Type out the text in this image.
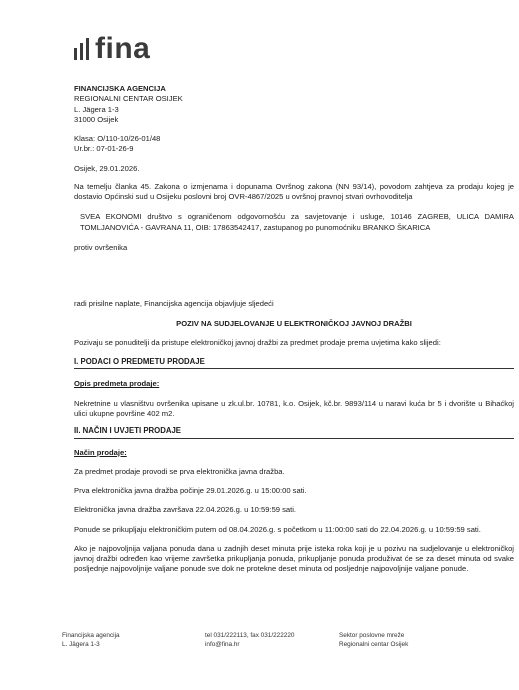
fina
FINANCIJSKA AGENCIJA
REGIONALNI CENTAR OSIJEK
L. Jägera 1-3
31000 Osijek
Klasa: O/110-10/26-01/48
Ur.br.: 07-01-26-9
Osijek, 29.01.2026.

Na temelju članka 45. Zakona o izmjenama i dopunama Ovršnog zakona (NN 93/14), povodom zahtjeva za prodaju kojeg je dostavio Općinski sud u Osijeku poslovni broj OVR-4867/2025 u ovršnoj pravnoj stvari ovrhovoditelja

SVEA EKONOMI društvo s ograničenom odgovornošću za savjetovanje i usluge, 10146 ZAGREB, ULICA DAMIRA TOMLJANOVIĆA - GAVRANA 11, OIB: 17863542417, zastupanog po punomoćniku BRANKO ŠKARICA

protiv ovršenika

radi prisilne naplate, Financijska agencija objavljuje sljedeći

POZIV NA SUDJELOVANJE U ELEKTRONIČKOJ JAVNOJ DRAŽBI

Pozivaju se ponuditelji da pristupe elektroničkoj javnoj dražbi za predmet prodaje prema uvjetima kako slijedi:

I. PODACI O PREDMETU PRODAJE

Opis predmeta prodaje:

Nekretnine u vlasništvu ovršenika upisane u zk.ul.br. 10781, k.o. Osijek, kč.br. 9893/114 u naravi kuća br 5 i dvorište u Bihaćkoj ulici ukupne površine 402 m2.

II. NAČIN I UVJETI PRODAJE

Način prodaje:

Za predmet prodaje provodi se prva elektronička javna dražba.

Prva elektronička javna dražba počinje 29.01.2026.g. u 15:00:00 sati.

Elektronička javna dražba završava 22.04.2026.g. u 10:59:59 sati.

Ponude se prikupljaju elektroničkim putem od 08.04.2026.g. s početkom u 11:00:00 sati do 22.04.2026.g. u 10:59:59 sati.

Ako je najpovoljnija valjana ponuda dana u zadnjih deset minuta prije isteka roka koji je u pozivu na sudjelovanje u elektroničkoj javnoj dražbi određen kao vrijeme završetka prikupljanja ponuda, prikupljanje ponuda produživat će se za deset minuta od svake posljednje najpovoljnije valjane ponude sve dok ne protekne deset minuta od posljednje najpovoljnije valjane ponude.

Financijska agencija
L. Jägera 1-3
tel 031/222113, fax 031/222220
info@fina.hr
Sektor poslovne mreže
Regionalni centar Osijek
